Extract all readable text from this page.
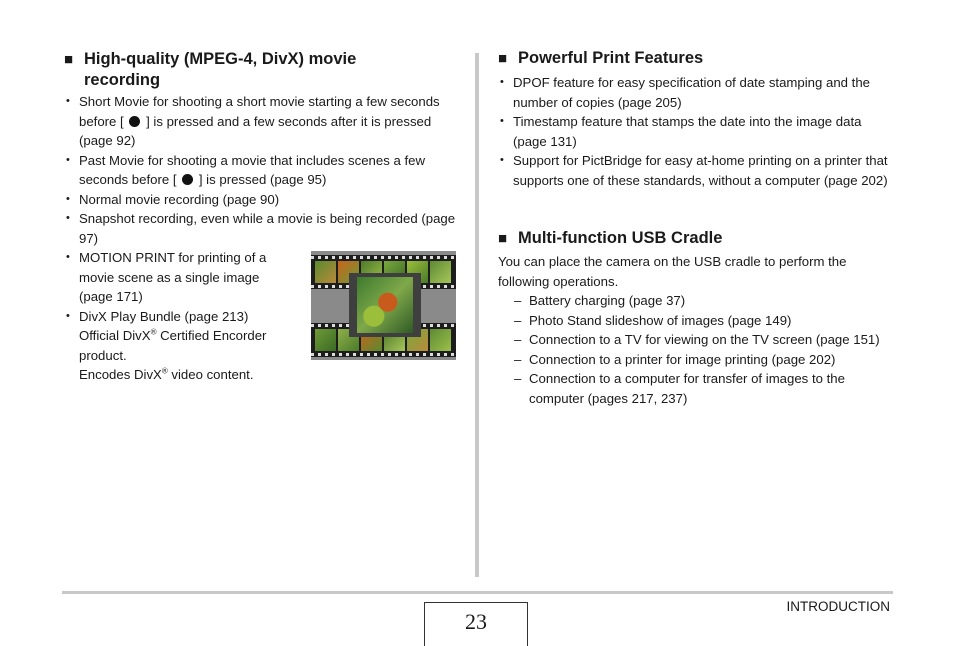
■ High-quality (MPEG-4, DivX) movie
recording
• Short Movie for shooting a short movie starting a few seconds before [ ] is pressed and a few seconds after it is pressed (page 92)
• Past Movie for shooting a movie that includes scenes a few seconds before [ ] is pressed (page 95)
• Normal movie recording (page 90)
• Snapshot recording, even while a movie is being recorded (page 97)
• MOTION PRINT for printing of a movie scene as a single image (page 171)
• DivX Play Bundle (page 213)
Official DivX® Certified Encorder product.
Encodes DivX® video content.
■ Powerful Print Features
• DPOF feature for easy specification of date stamping and the number of copies (page 205)
• Timestamp feature that stamps the date into the image data (page 131)
• Support for PictBridge for easy at-home printing on a printer that supports one of these standards, without a computer (page 202)
■ Multi-function USB Cradle
You can place the camera on the USB cradle to perform the following operations.
– Battery charging (page 37)
– Photo Stand slideshow of images (page 149)
– Connection to a TV for viewing on the TV screen (page 151)
– Connection to a printer for image printing (page 202)
– Connection to a computer for transfer of images to the computer (pages 217, 237)
23
INTRODUCTION
